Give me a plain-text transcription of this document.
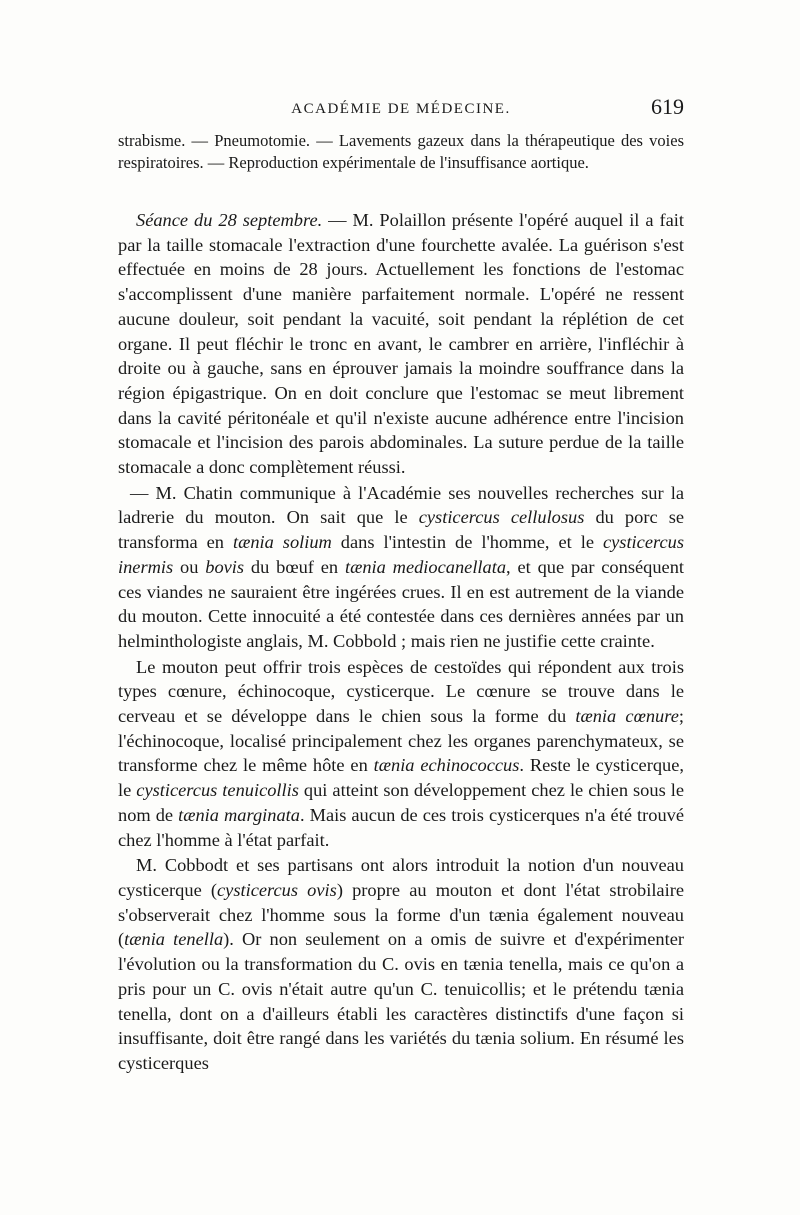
ACADÉMIE DE MÉDECINE.	619

strabisme. — Pneumotomie. — Lavements gazeux dans la thérapeutique des voies respiratoires. — Reproduction expérimentale de l'insuffisance aortique.

Séance du 28 septembre. — M. Polaillon présente l'opéré auquel il a fait par la taille stomacale l'extraction d'une fourchette avalée. La guérison s'est effectuée en moins de 28 jours. Actuellement les fonctions de l'estomac s'accomplissent d'une manière parfaitement normale. L'opéré ne ressent aucune douleur, soit pendant la vacuité, soit pendant la réplétion de cet organe. Il peut fléchir le tronc en avant, le cambrer en arrière, l'infléchir à droite ou à gauche, sans en éprouver jamais la moindre souffrance dans la région épigastrique. On en doit conclure que l'estomac se meut librement dans la cavité péritonéale et qu'il n'existe aucune adhérence entre l'incision stomacale et l'incision des parois abdominales. La suture perdue de la taille stomacale a donc complètement réussi.

— M. Chatin communique à l'Académie ses nouvelles recherches sur la ladrerie du mouton. On sait que le cysticercus cellulosus du porc se transforma en tænia solium dans l'intestin de l'homme, et le cysticercus inermis ou bovis du bœuf en tænia mediocanellata, et que par conséquent ces viandes ne sauraient être ingérées crues. Il en est autrement de la viande du mouton. Cette innocuité a été contestée dans ces dernières années par un helminthologiste anglais, M. Cobbold ; mais rien ne justifie cette crainte.

Le mouton peut offrir trois espèces de cestoïdes qui répondent aux trois types cœnure, échinocoque, cysticerque. Le cœnure se trouve dans le cerveau et se développe dans le chien sous la forme du tænia cœnure; l'échinocoque, localisé principalement chez les organes parenchymateux, se transforme chez le même hôte en tænia echinococcus. Reste le cysticerque, le cysticercus tenuicollis qui atteint son développement chez le chien sous le nom de tænia marginata. Mais aucun de ces trois cysticerques n'a été trouvé chez l'homme à l'état parfait.

M. Cobbodt et ses partisans ont alors introduit la notion d'un nouveau cysticerque (cysticercus ovis) propre au mouton et dont l'état strobilaire s'observerait chez l'homme sous la forme d'un tænia également nouveau (tænia tenella). Or non seulement on a omis de suivre et d'expérimenter l'évolution ou la transformation du C. ovis en tænia tenella, mais ce qu'on a pris pour un C. ovis n'était autre qu'un C. tenuicollis; et le prétendu tænia tenella, dont on a d'ailleurs établi les caractères distinctifs d'une façon si insuffisante, doit être rangé dans les variétés du tænia solium. En résumé les cysticerques
